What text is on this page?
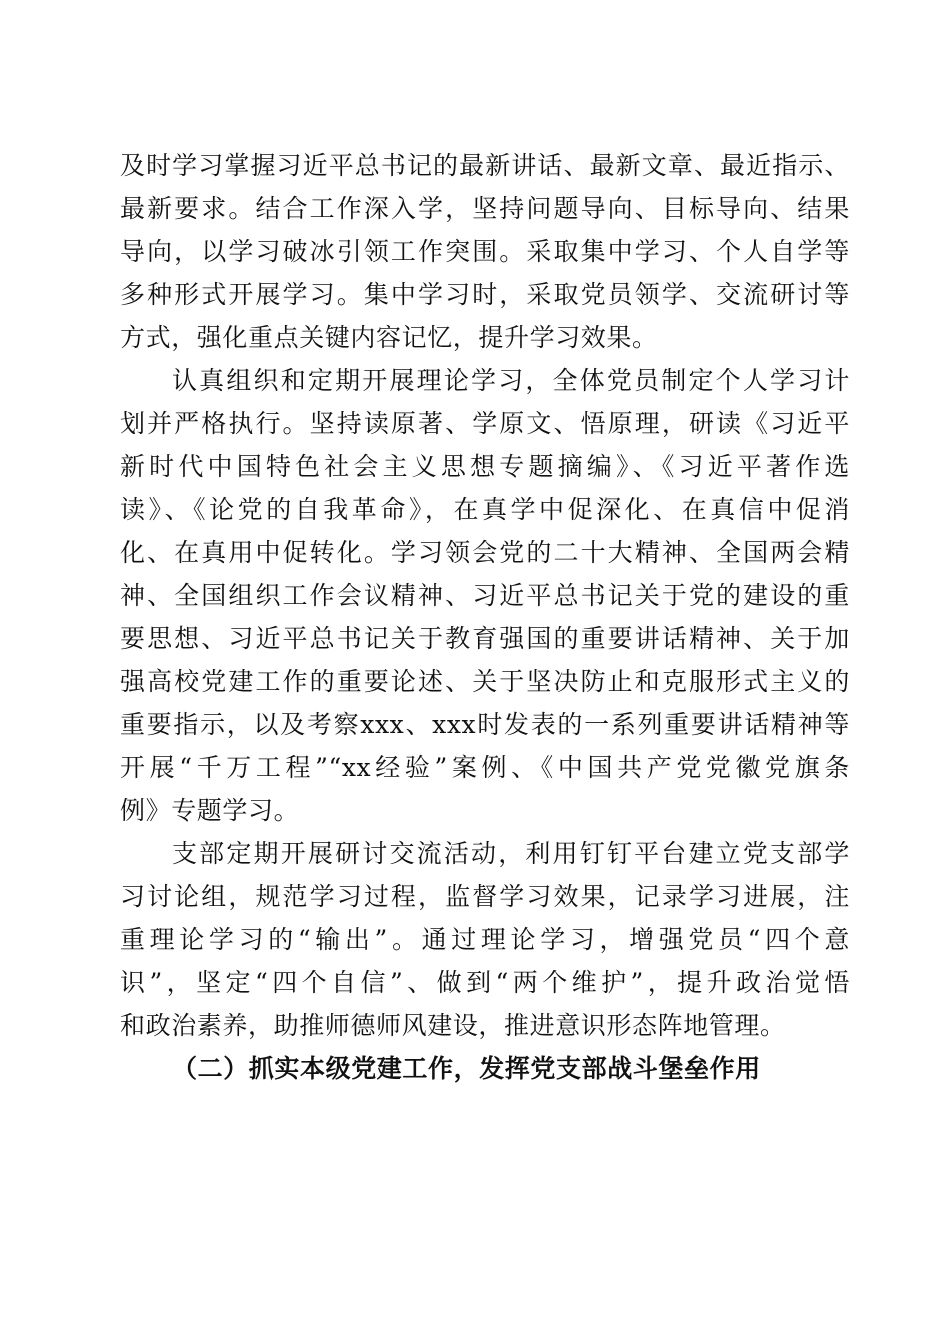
及时学习掌握习近平总书记的最新讲话、最新文章、最近指示、
最新要求。结合工作深入学，坚持问题导向、目标导向、结果
导向，以学习破冰引领工作突围。采取集中学习、个人自学等
多种形式开展学习。集中学习时，采取党员领学、交流研讨等
方式，强化重点关键内容记忆，提升学习效果。
认真组织和定期开展理论学习，全体党员制定个人学习计
划并严格执行。坚持读原著、学原文、悟原理，研读《习近平
新时代中国特色社会主义思想专题摘编》、《习近平著作选
读》、《论党的自我革命》，在真学中促深化、在真信中促消
化、在真用中促转化。学习领会党的二十大精神、全国两会精
神、全国组织工作会议精神、习近平总书记关于党的建设的重
要思想、习近平总书记关于教育强国的重要讲话精神、关于加
强高校党建工作的重要论述、关于坚决防止和克服形式主义的
重要指示，以及考察xxx、xxx时发表的一系列重要讲话精神等
开展“千万工程”“xx经验”案例、《中国共产党党徽党旗条
例》专题学习。
支部定期开展研讨交流活动，利用钉钉平台建立党支部学
习讨论组，规范学习过程，监督学习效果，记录学习进展，注
重理论学习的“输出”。通过理论学习，增强党员“四个意
识”，坚定“四个自信”、做到“两个维护”，提升政治觉悟
和政治素养，助推师德师风建设，推进意识形态阵地管理。
（二）抓实本级党建工作，发挥党支部战斗堡垒作用
